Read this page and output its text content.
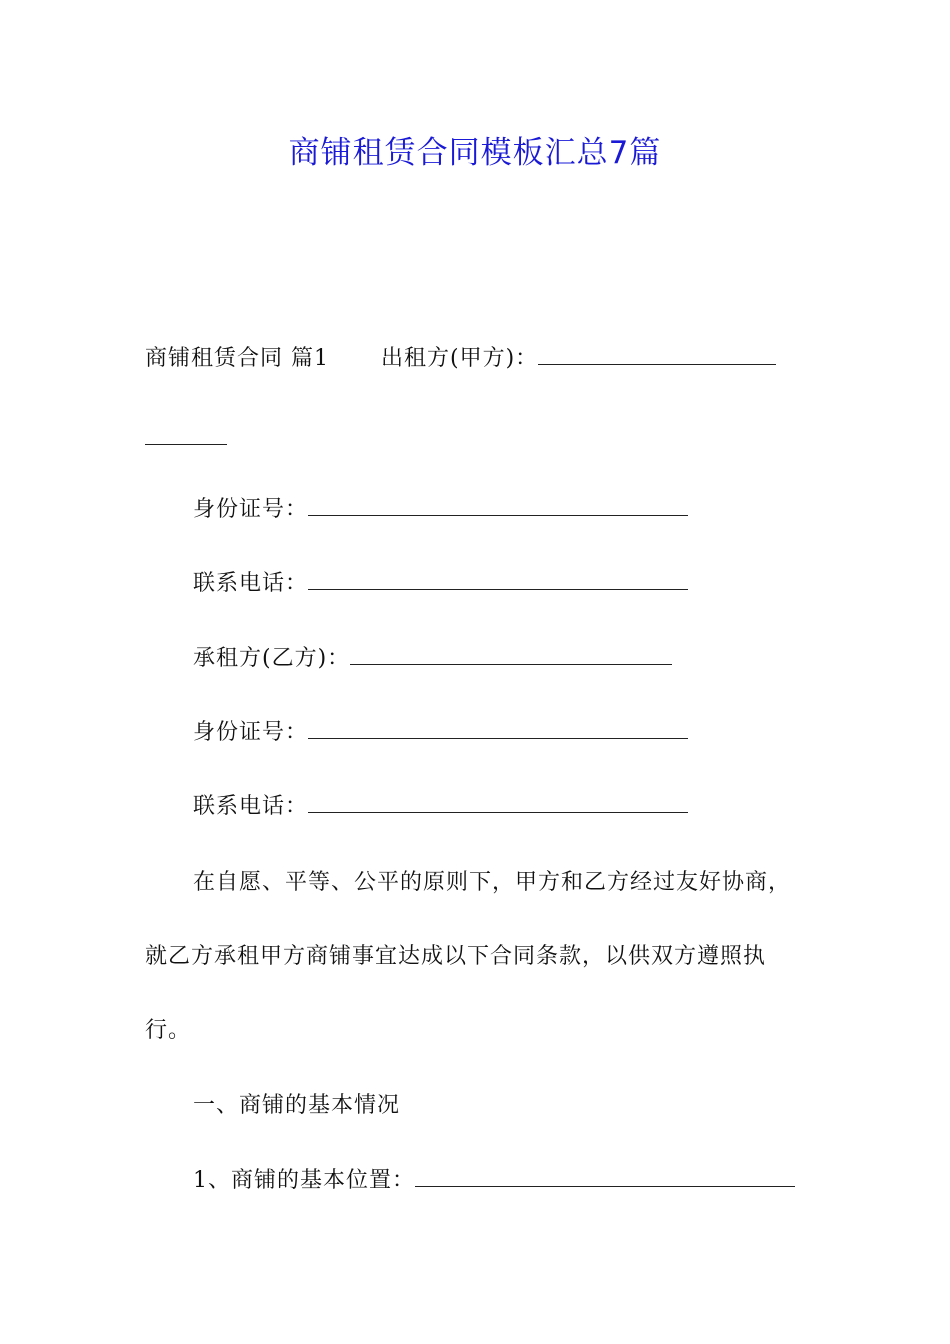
商铺租赁合同模板汇总7篇
商铺租赁合同 篇1 出租方(甲方)：
身份证号：
联系电话：
承租方(乙方)：
身份证号：
联系电话：
在自愿、平等、公平的原则下，甲方和乙方经过友好协商，
就乙方承租甲方商铺事宜达成以下合同条款，以供双方遵照执
行。
一、商铺的基本情况
1、商铺的基本位置：
